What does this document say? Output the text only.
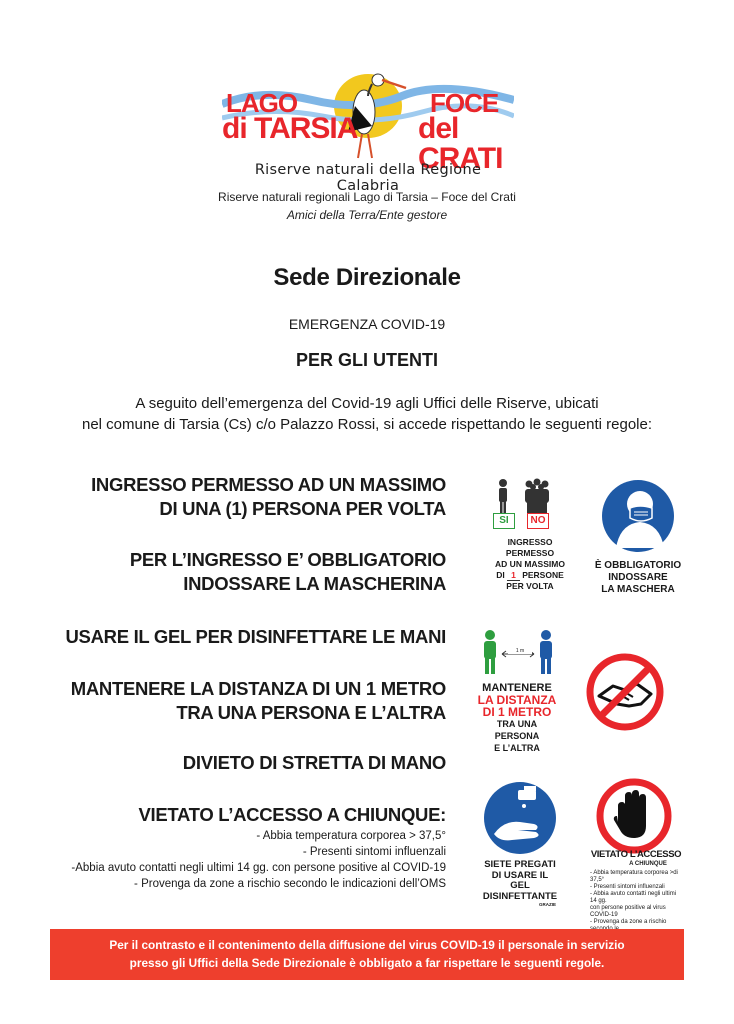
LAGO
di TARSIA
FOCE
del CRATI
Riserve naturali della Regione Calabria
Riserve naturali regionali Lago di Tarsia – Foce del Crati
Amici della Terra/Ente gestore
Sede Direzionale
EMERGENZA COVID-19
PER GLI UTENTI
A seguito dell’emergenza del Covid-19 agli Uffici delle Riserve, ubicati
nel comune di Tarsia (Cs) c/o Palazzo Rossi, si accede rispettando le seguenti regole:
INGRESSO PERMESSO AD UN MASSIMO
DI UNA (1) PERSONA PER VOLTA
PER L’INGRESSO E’ OBBLIGATORIO
INDOSSARE LA MASCHERINA
USARE IL GEL PER DISINFETTARE LE MANI
MANTENERE LA DISTANZA DI UN 1 METRO
TRA UNA PERSONA E L’ALTRA
DIVIETO DI STRETTA DI MANO
VIETATO L’ACCESSO A CHIUNQUE:
- Abbia temperatura corporea > 37,5°
- Presenti sintomi influenzali
-Abbia avuto contatti negli ultimi 14 gg. con persone positive al COVID-19
- Provenga da zone a rischio secondo le indicazioni dell’OMS
SI	NO
INGRESSO
PERMESSO
AD UN MASSIMO
DI 1 PERSONE
PER VOLTA
È OBBLIGATORIO
INDOSSARE
LA MASCHERA
1 m
MANTENERE
LA DISTANZA
DI 1 METRO
TRA UNA PERSONA
E L’ALTRA
SIETE PREGATI
DI USARE IL
GEL
DISINFETTANTE
GRAZIE
VIETATO L’ACCESSO
A CHIUNQUE
- Abbia temperatura corporea >di 37,5°
- Presenti sintomi influenzali
- Abbia avuto contatti negli ultimi 14 gg.
con persone positive al virus COVID-19
- Provenga da zone a rischio
Per il contrasto e il contenimento della diffusione del virus COVID-19 il personale in servizio
presso gli Uffici della Sede Direzionale è obbligato a far rispettare le seguenti regole.
